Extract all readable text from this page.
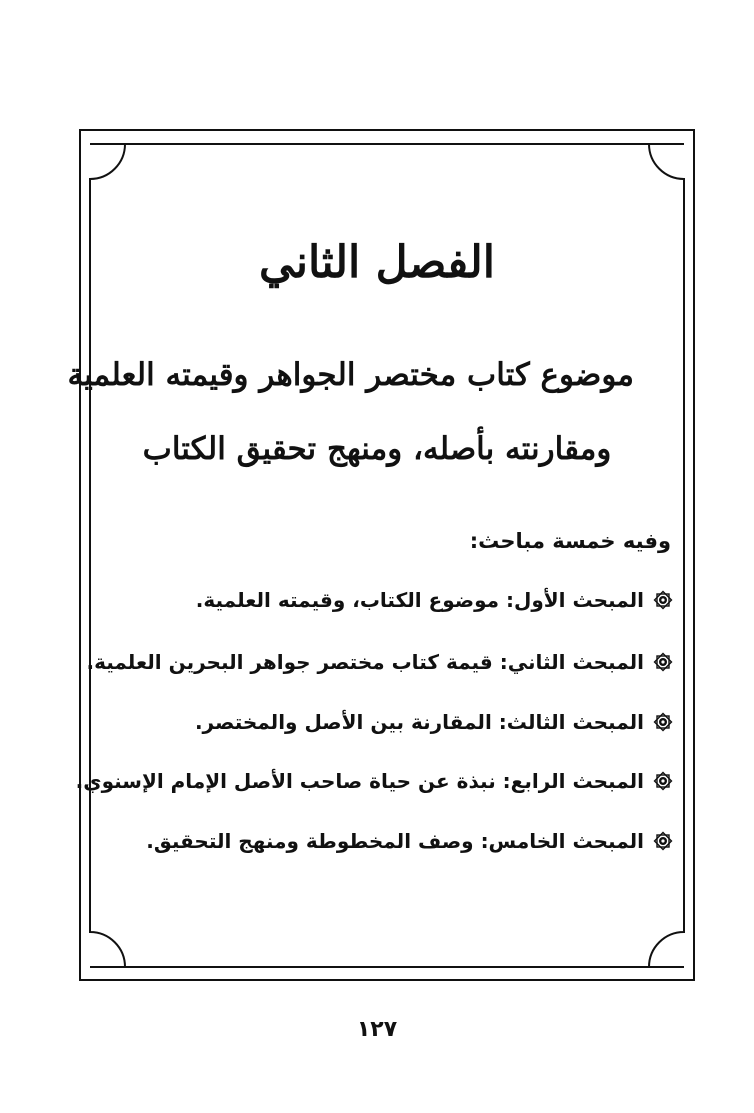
الفصل الثاني
موضوع كتاب مختصر الجواهر وقيمته العلمية
ومقارنته بأصله، ومنهج تحقيق الكتاب

وفيه خمسة مباحث:

المبحث الأول: موضوع الكتاب، وقيمته العلمية.
المبحث الثاني: قيمة كتاب مختصر جواهر البحرين العلمية.
المبحث الثالث: المقارنة بين الأصل والمختصر.
المبحث الرابع: نبذة عن حياة صاحب الأصل الإمام الإسنوي.
المبحث الخامس: وصف المخطوطة ومنهج التحقيق.
١٢٧
